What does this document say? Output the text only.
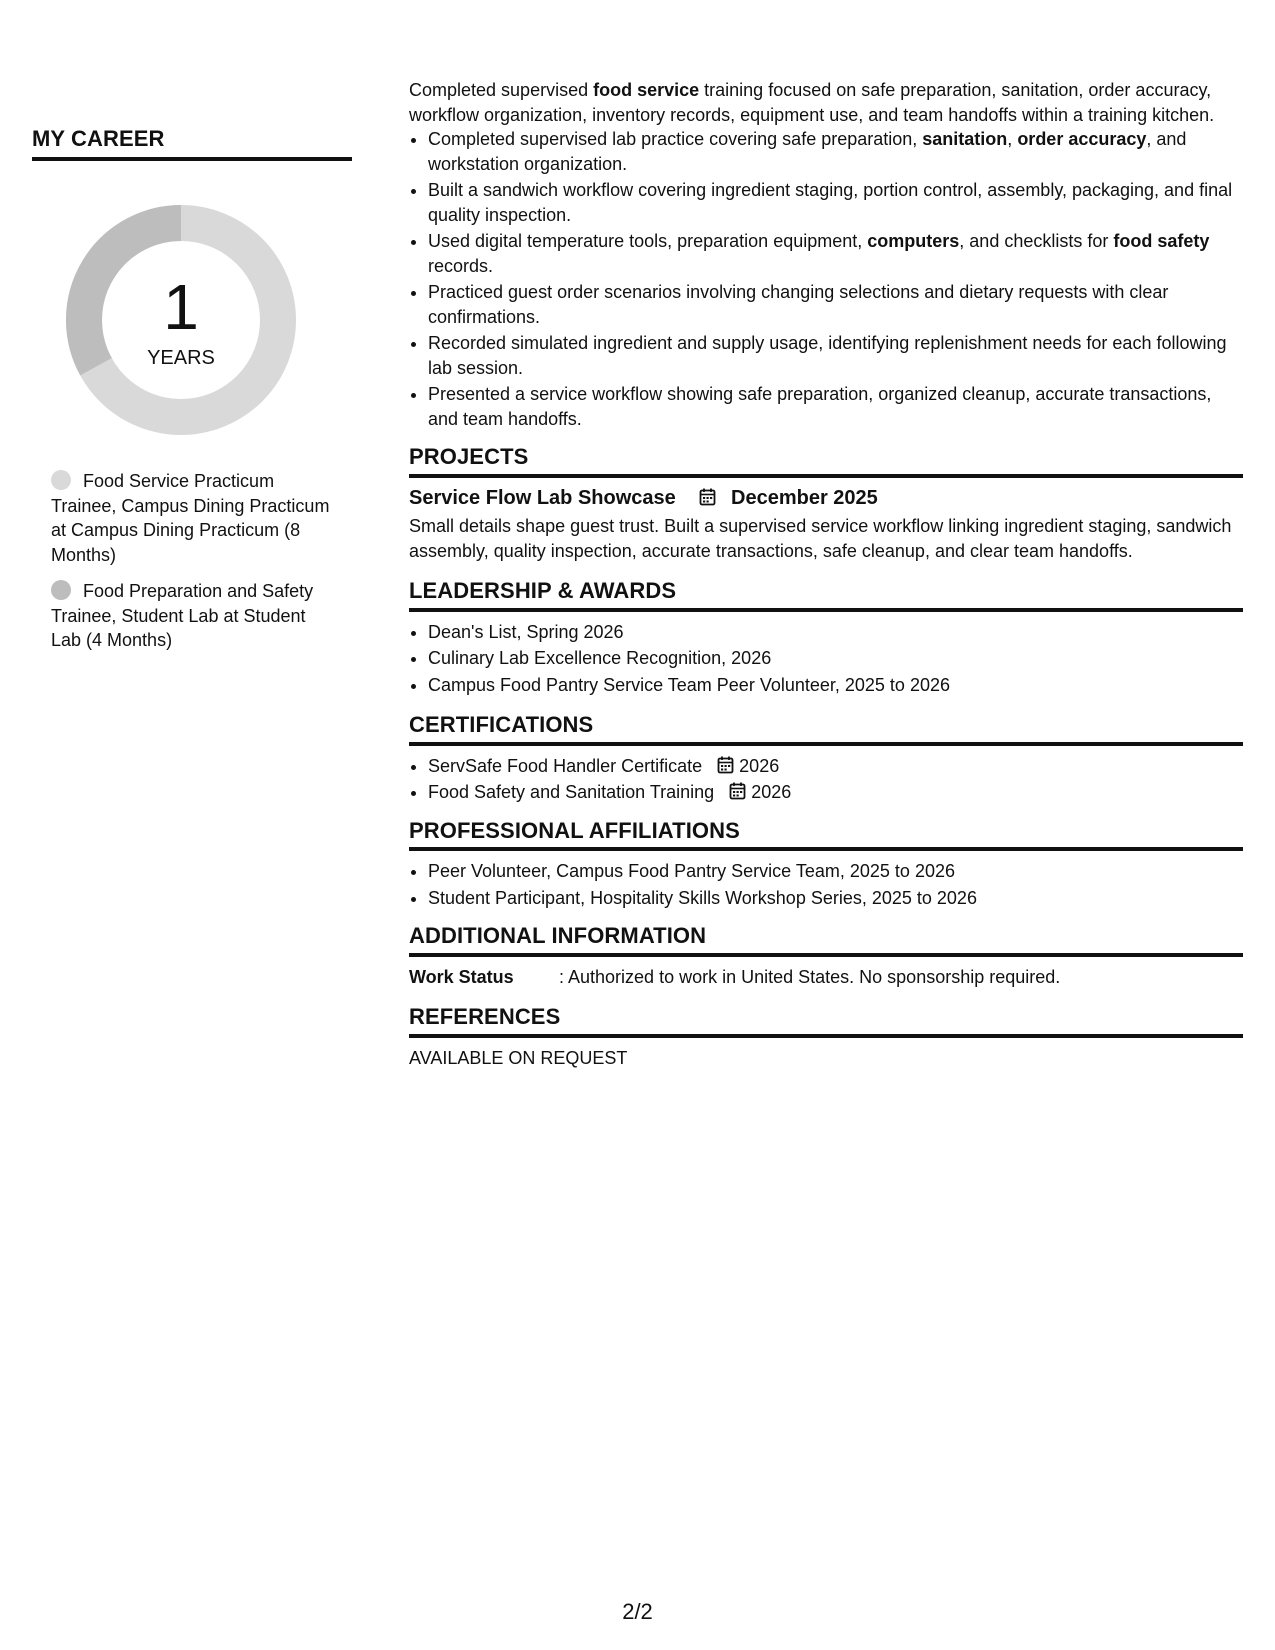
MY CAREER
1
YEARS
Food Service Practicum Trainee, Campus Dining Practicum at Campus Dining Practicum (8 Months)
Food Preparation and Safety Trainee, Student Lab at Student Lab (4 Months)

Completed supervised food service training focused on safe preparation, sanitation, order accuracy, workflow organization, inventory records, equipment use, and team handoffs within a training kitchen.

• Completed supervised lab practice covering safe preparation, sanitation, order accuracy, and workstation organization.
• Built a sandwich workflow covering ingredient staging, portion control, assembly, packaging, and final quality inspection.
• Used digital temperature tools, preparation equipment, computers, and checklists for food safety records.
• Practiced guest order scenarios involving changing selections and dietary requests with clear confirmations.
• Recorded simulated ingredient and supply usage, identifying replenishment needs for each following lab session.
• Presented a service workflow showing safe preparation, organized cleanup, accurate transactions, and team handoffs.
PROJECTS
Service Flow Lab Showcase	December 2025

Small details shape guest trust. Built a supervised service workflow linking ingredient staging, sandwich assembly, quality inspection, accurate transactions, safe cleanup, and clear team handoffs.

LEADERSHIP & AWARDS
• Dean's List, Spring 2026
• Culinary Lab Excellence Recognition, 2026
• Campus Food Pantry Service Team Peer Volunteer, 2025 to 2026
CERTIFICATIONS
• ServSafe Food Handler Certificate 2026
• Food Safety and Sanitation Training 2026
PROFESSIONAL AFFILIATIONS
• Peer Volunteer, Campus Food Pantry Service Team, 2025 to 2026
• Student Participant, Hospitality Skills Workshop Series, 2025 to 2026
ADDITIONAL INFORMATION
Work Status	: Authorized to work in United States. No sponsorship required.
REFERENCES

AVAILABLE ON REQUEST

2/2
